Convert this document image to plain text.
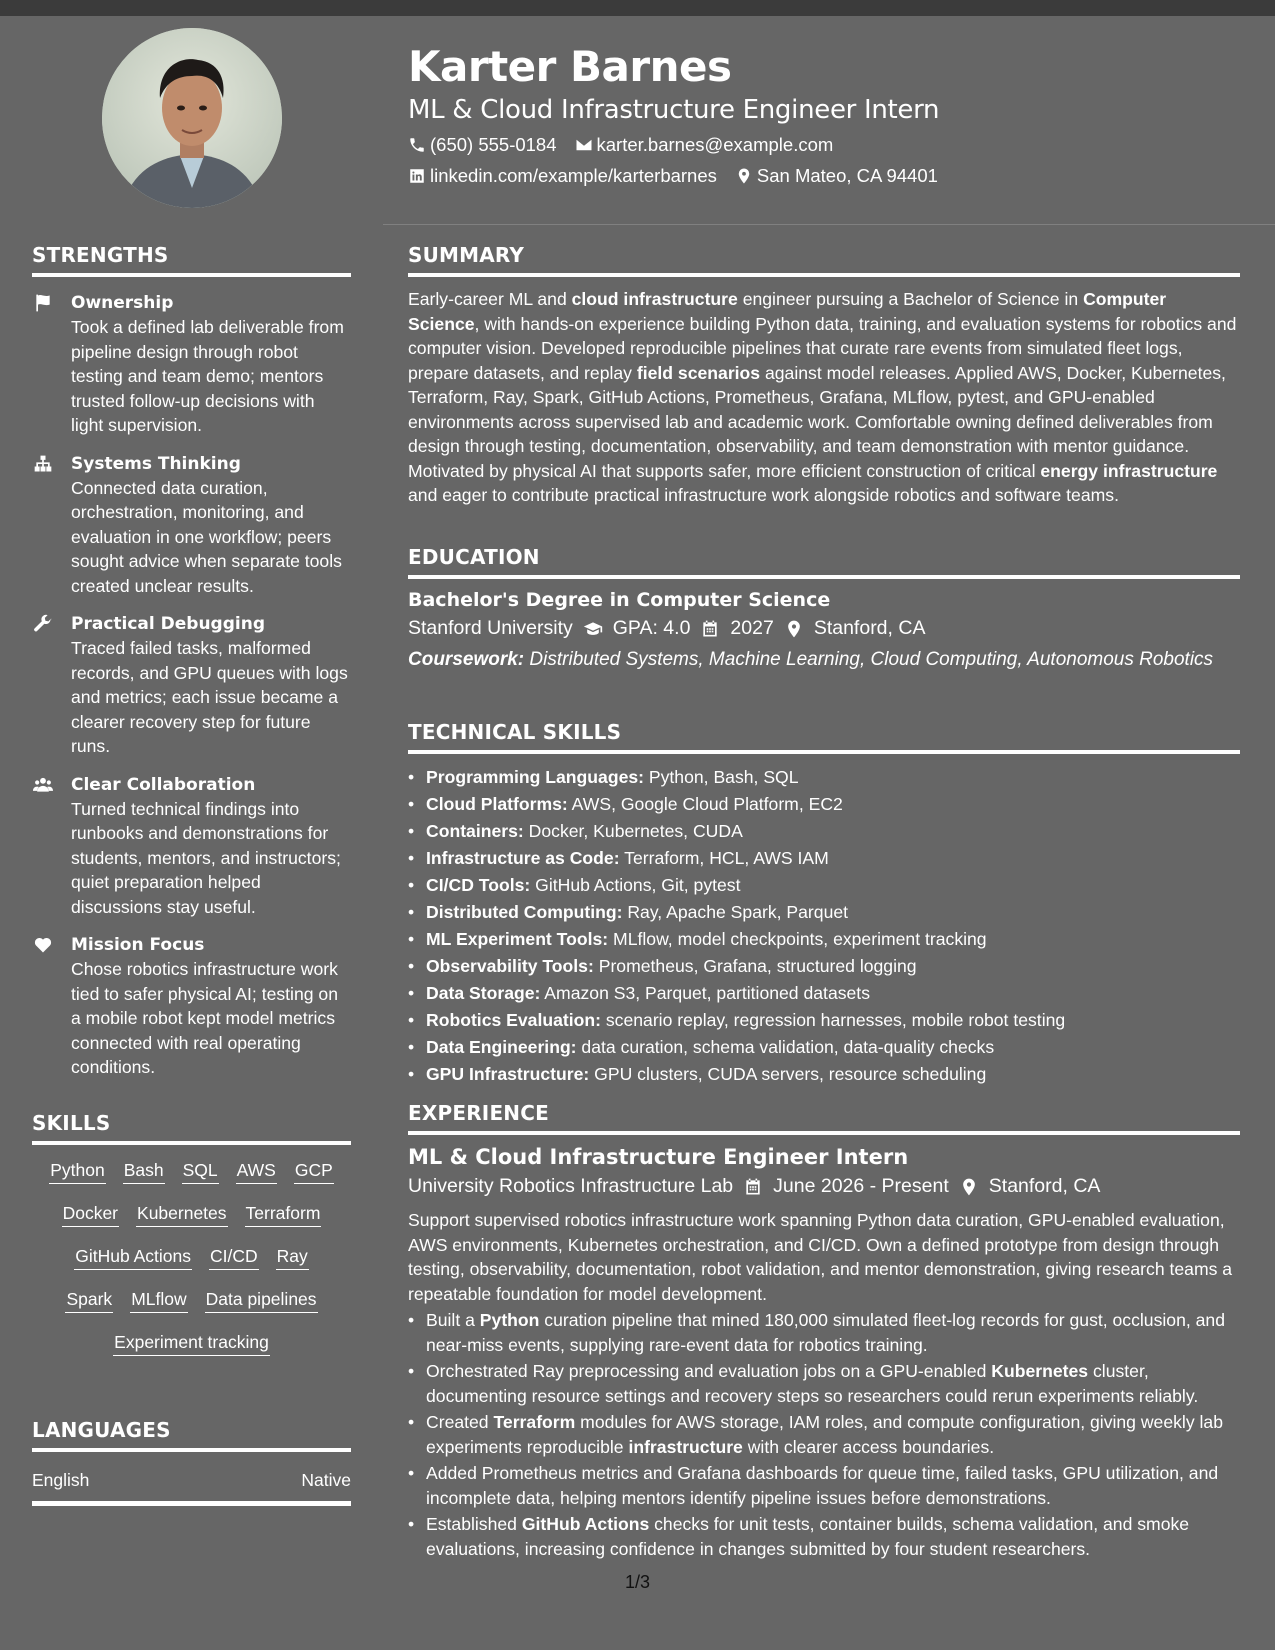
Karter Barnes
ML & Cloud Infrastructure Engineer Intern
(650) 555-0184 karter.barnes@example.com
linkedin.com/example/karterbarnes San Mateo, CA 94401
STRENGTHS
Ownership
Took a defined lab deliverable from pipeline design through robot testing and team demo; mentors trusted follow-up decisions with light supervision.
Systems Thinking
Connected data curation, orchestration, monitoring, and evaluation in one workflow; peers sought advice when separate tools created unclear results.
Practical Debugging
Traced failed tasks, malformed records, and GPU queues with logs and metrics; each issue became a clearer recovery step for future runs.
Clear Collaboration
Turned technical findings into runbooks and demonstrations for students, mentors, and instructors; quiet preparation helped discussions stay useful.
Mission Focus
Chose robotics infrastructure work tied to safer physical AI; testing on a mobile robot kept model metrics connected with real operating conditions.
SKILLS
Python Bash SQL AWS GCP
Docker Kubernetes Terraform
GitHub Actions CI/CD Ray
Spark MLflow Data pipelines
Experiment tracking
LANGUAGES
English	Native
SUMMARY
Early-career ML and cloud infrastructure engineer pursuing a Bachelor of Science in Computer Science, with hands-on experience building Python data, training, and evaluation systems for robotics and computer vision. Developed reproducible pipelines that curate rare events from simulated fleet logs, prepare datasets, and replay field scenarios against model releases. Applied AWS, Docker, Kubernetes, Terraform, Ray, Spark, GitHub Actions, Prometheus, Grafana, MLflow, pytest, and GPU-enabled environments across supervised lab and academic work. Comfortable owning defined deliverables from design through testing, documentation, observability, and team demonstration with mentor guidance. Motivated by physical AI that supports safer, more efficient construction of critical energy infrastructure and eager to contribute practical infrastructure work alongside robotics and software teams.
EDUCATION
Bachelor's Degree in Computer Science
Stanford University GPA: 4.0 2027 Stanford, CA
Coursework: Distributed Systems, Machine Learning, Cloud Computing, Autonomous Robotics
TECHNICAL SKILLS
• Programming Languages: Python, Bash, SQL
• Cloud Platforms: AWS, Google Cloud Platform, EC2
• Containers: Docker, Kubernetes, CUDA
• Infrastructure as Code: Terraform, HCL, AWS IAM
• CI/CD Tools: GitHub Actions, Git, pytest
• Distributed Computing: Ray, Apache Spark, Parquet
• ML Experiment Tools: MLflow, model checkpoints, experiment tracking
• Observability Tools: Prometheus, Grafana, structured logging
• Data Storage: Amazon S3, Parquet, partitioned datasets
• Robotics Evaluation: scenario replay, regression harnesses, mobile robot testing
• Data Engineering: data curation, schema validation, data-quality checks
• GPU Infrastructure: GPU clusters, CUDA servers, resource scheduling
EXPERIENCE
ML & Cloud Infrastructure Engineer Intern
University Robotics Infrastructure Lab June 2026 - Present Stanford, CA
Support supervised robotics infrastructure work spanning Python data curation, GPU-enabled evaluation, AWS environments, Kubernetes orchestration, and CI/CD. Own a defined prototype from design through testing, observability, documentation, robot validation, and mentor demonstration, giving research teams a repeatable foundation for model development.
• Built a Python curation pipeline that mined 180,000 simulated fleet-log records for gust, occlusion, and near-miss events, supplying rare-event data for robotics training.
• Orchestrated Ray preprocessing and evaluation jobs on a GPU-enabled Kubernetes cluster, documenting resource settings and recovery steps so researchers could rerun experiments reliably.
• Created Terraform modules for AWS storage, IAM roles, and compute configuration, giving weekly lab experiments reproducible infrastructure with clearer access boundaries.
• Added Prometheus metrics and Grafana dashboards for queue time, failed tasks, GPU utilization, and incomplete data, helping mentors identify pipeline issues before demonstrations.
• Established GitHub Actions checks for unit tests, container builds, schema validation, and smoke evaluations, increasing confidence in changes submitted by four student researchers.
1/3
